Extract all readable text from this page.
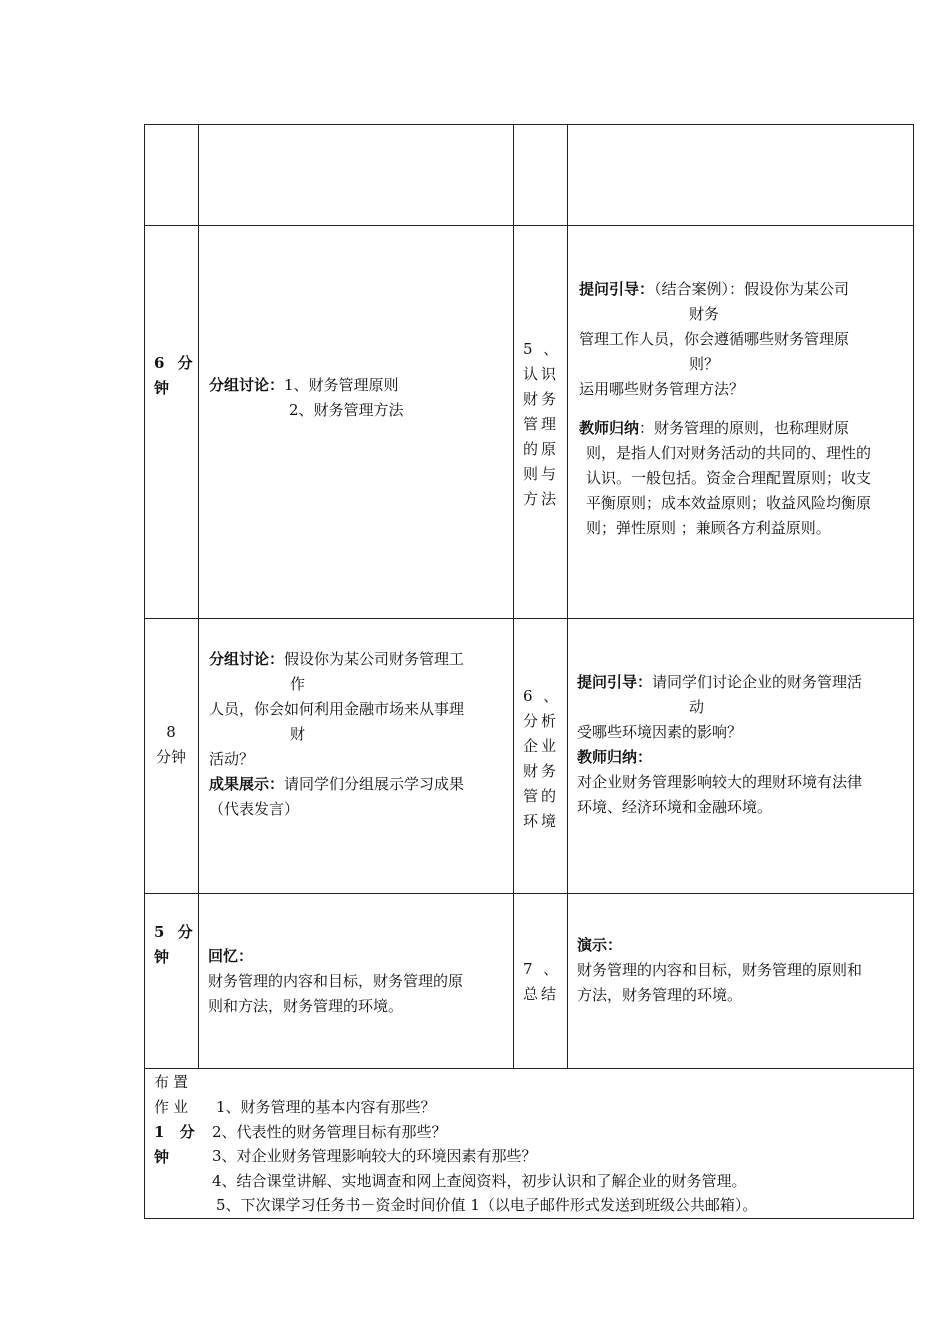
6 分

钟	分组讨论：1、财务管理原则

2、财务管理方法

5 、

认识

财务

管理

的原

则与

方法

提问引导：（结合案例）：假设你为某公司

财务

管理工作人员，你会遵循哪些财务管理原

则？

运用哪些财务管理方法？

教师归纳：财务管理的原则，也称理财原

则，是指人们对财务活动的共同的、理性的

认识。一般包括。资金合理配置原则；收支

平衡原则；成本效益原则；收益风险均衡原

则；弹性原则 ；兼顾各方利益原则。

8

分钟

分组讨论：假设你为某公司财务管理工

作

人员，你会如何利用金融市场来从事理

财

活动？

成果展示：请同学们分组展示学习成果

（代表发言）

6 、

分析

企业

财务

管的

环境

提问引导：请同学们讨论企业的财务管理活

动

受哪些环境因素的影响？

教师归纳：

对企业财务管理影响较大的理财环境有法律

环境、经济环境和金融环境。

5 分

钟	回忆：

财务管理的内容和目标，财务管理的原

则和方法，财务管理的环境。

7 、

总结

演示：

财务管理的内容和目标，财务管理的原则和

方法，财务管理的环境。

布置

作业

1 分

钟

1、财务管理的基本内容有那些？

2、代表性的财务管理目标有那些？

3、对企业财务管理影响较大的环境因素有那些？

4、结合课堂讲解、实地调查和网上查阅资料，初步认识和了解企业的财务管理。

5、下次课学习任务书－资金时间价值 1（以电子邮件形式发送到班级公共邮箱）。
